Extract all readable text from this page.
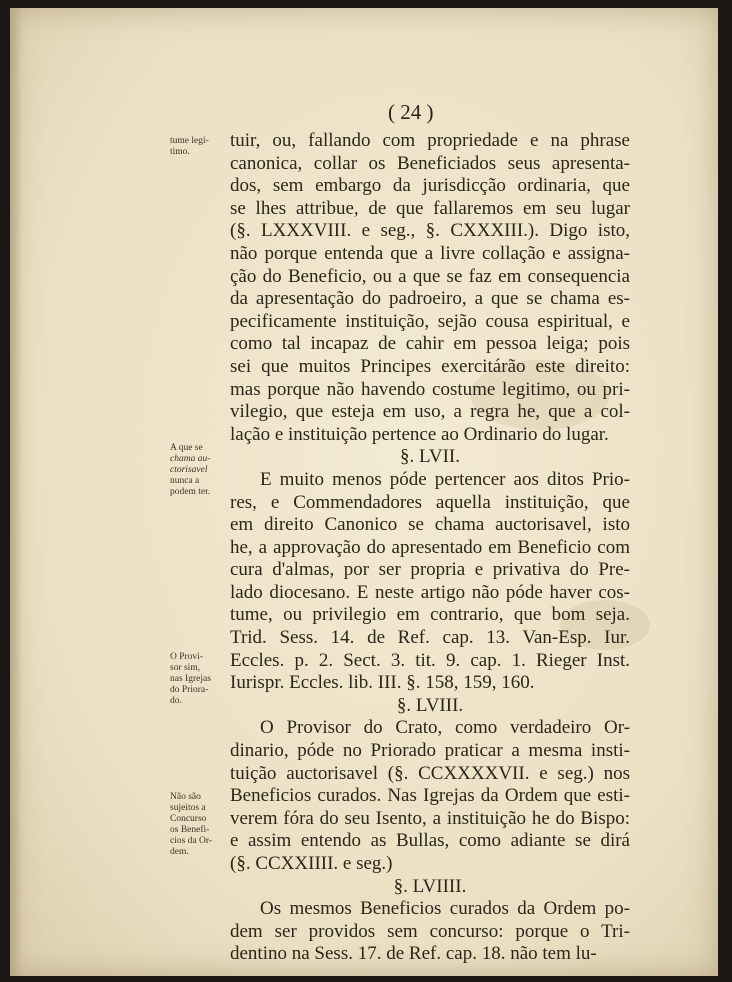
( 24 )
tume legi-
timo.
A que se
chama au-
ctorisavel
nunca a
podem ter.
O Provi-
sor sim,
nas Igrejas
do Priora-
do.
Não são
sujeitos a
Concurso
os Benefi-
cios da Or-
dem.
tuir, ou, fallando com propriedade e na phrase
canonica, collar os Beneficiados seus apresenta-
dos, sem embargo da jurisdicção ordinaria, que
se lhes attribue, de que fallaremos em seu lugar
(§. LXXXVIII. e seg., §. CXXXIII.). Digo isto,
não porque entenda que a livre collação e assigna-
ção do Beneficio, ou a que se faz em consequencia
da apresentação do padroeiro, a que se chama es-
pecificamente instituição, sejão cousa espiritual, e
como tal incapaz de cahir em pessoa leiga; pois
sei que muitos Principes exercitárão este direito:
mas porque não havendo costume legitimo, ou pri-
vilegio, que esteja em uso, a regra he, que a col-
lação e instituição pertence ao Ordinario do lugar.
§. LVII.
E muito menos póde pertencer aos ditos Prio-
res, e Commendadores aquella instituição, que
em direito Canonico se chama auctorisavel, isto
he, a approvação do apresentado em Beneficio com
cura d'almas, por ser propria e privativa do Pre-
lado diocesano. E neste artigo não póde haver cos-
tume, ou privilegio em contrario, que bom seja.
Trid. Sess. 14. de Ref. cap. 13. Van-Esp. Iur.
Eccles. p. 2. Sect. 3. tit. 9. cap. 1. Rieger Inst.
Iurispr. Eccles. lib. III. §. 158, 159, 160.
§. LVIII.
O Provisor do Crato, como verdadeiro Or-
dinario, póde no Priorado praticar a mesma insti-
tuição auctorisavel (§. CCXXXXVII. e seg.) nos
Beneficios curados. Nas Igrejas da Ordem que esti-
verem fóra do seu Isento, a instituição he do Bispo:
e assim entendo as Bullas, como adiante se dirá
(§. CCXXIIII. e seg.)
§. LVIIII.
Os mesmos Beneficios curados da Ordem po-
dem ser providos sem concurso: porque o Tri-
dentino na Sess. 17. de Ref. cap. 18. não tem lu-
